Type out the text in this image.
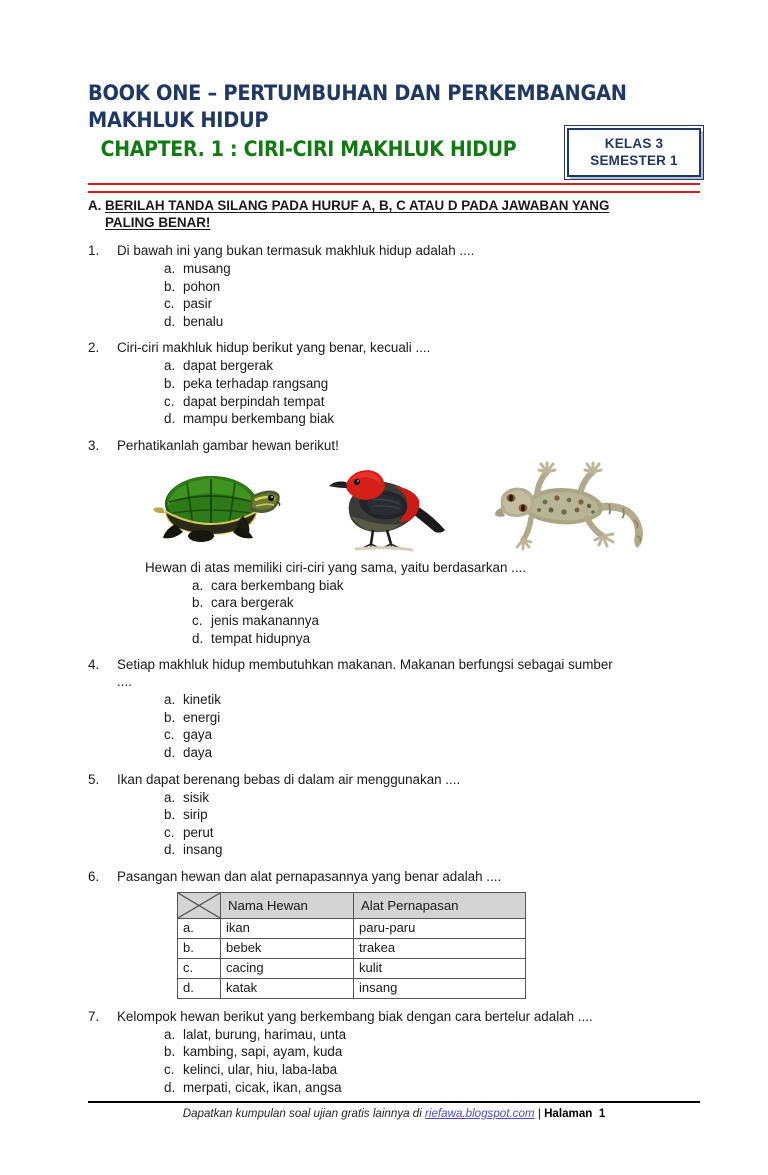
BOOK ONE – PERTUMBUHAN DAN PERKEMBANGAN
MAKHLUK HIDUP
CHAPTER. 1 : CIRI-CIRI MAKHLUK HIDUP	KELAS 3
SEMESTER 1
A. BERILAH TANDA SILANG PADA HURUF A, B, C ATAU D PADA JAWABAN YANG PALING BENAR!
1.	Di bawah ini yang bukan termasuk makhluk hidup adalah ....
a. musang
b. pohon
c. pasir
d. benalu
2.	Ciri-ciri makhluk hidup berikut yang benar, kecuali ....
a. dapat bergerak
b. peka terhadap rangsang
c. dapat berpindah tempat
d. mampu berkembang biak
3.	Perhatikanlah gambar hewan berikut!
Hewan di atas memiliki ciri-ciri yang sama, yaitu berdasarkan ....
a. cara berkembang biak
b. cara bergerak
c. jenis makanannya
d. tempat hidupnya
4.	Setiap makhluk hidup membutuhkan makanan. Makanan berfungsi sebagai sumber
....
a. kinetik
b. energi
c. gaya
d. daya
5.	Ikan dapat berenang bebas di dalam air menggunakan ....
a. sisik
b. sirip
c. perut
d. insang
6.	Pasangan hewan dan alat pernapasannya yang benar adalah ....
	Nama Hewan	Alat Pernapasan
a.	ikan	paru-paru
b.	bebek	trakea
c.	cacing	kulit
d.	katak	insang
7.	Kelompok hewan berikut yang berkembang biak dengan cara bertelur adalah ....
a. lalat, burung, harimau, unta
b. kambing, sapi, ayam, kuda
c. kelinci, ular, hiu, laba-laba
d. merpati, cicak, ikan, angsa
Dapatkan kumpulan soal ujian gratis lainnya di riefawa.blogspot.com | Halaman 1
